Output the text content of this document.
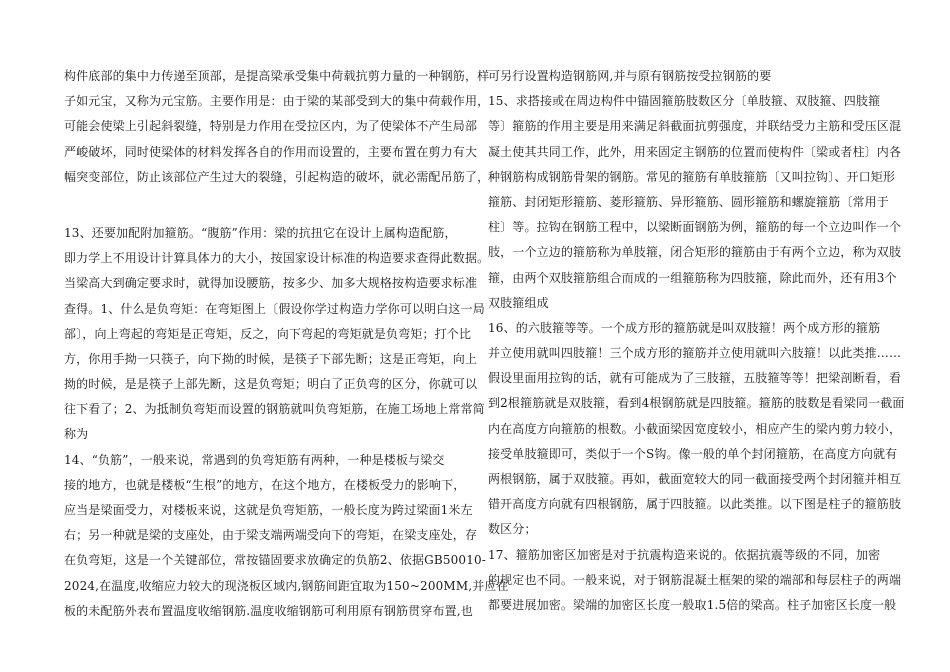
构件底部的集中力传递至顶部，是提高梁承受集中荷载抗剪力量的一种钢筋，样
子如元宝，又称为元宝筋。主要作用是：由于梁的某部受到大的集中荷载作用，
可能会使梁上引起斜裂缝，特别是力作用在受拉区内，为了使梁体不产生局部
严峻破坏，同时使梁体的材料发挥各自的作用而设置的，主要布置在剪力有大
幅突变部位，防止该部位产生过大的裂缝，引起构造的破坏，就必需配吊筋了，
13、还要加配附加箍筋。“腹筋”作用：梁的抗扭它在设计上属构造配筋，
即力学上不用设计计算具体力的大小，按国家设计标准的构造要求查得此数据。
当梁高大到确定要求时，就得加设腰筋，按多少、加多大规格按构造要求标准
查得。1、什么是负弯矩：在弯矩图上〔假设你学过构造力学你可以明白这一局
部〕，向上弯起的弯矩是正弯矩，反之，向下弯起的弯矩就是负弯矩；打个比
方，你用手拗一只筷子，向下拗的时候，是筷子下部先断；这是正弯矩，向上
拗的时候，是是筷子上部先断，这是负弯矩；明白了正负弯的区分，你就可以
往下看了；2、为抵制负弯矩而设置的钢筋就叫负弯矩筋，在施工场地上常常简
称为
14、“负筋”，一般来说，常遇到的负弯矩筋有两种，一种是楼板与梁交
接的地方，也就是楼板“生根”的地方，在这个地方，在楼板受力的影响下，
应当是梁面受力，对楼板来说，这就是负弯矩筋，一般长度为跨过梁面1米左
右；另一种就是梁的支座处，由于梁支端两端受向下的弯矩，在梁支座处，存
在负弯矩，这是一个关键部位，常按锚固要求放确定的负筋2、依据GB50010-
2024,在温度,收缩应力较大的现浇板区域内,钢筋间距宜取为150~200MM,并应在
板的未配筋外表布置温度收缩钢筋.温度收缩钢筋可利用原有钢筋贯穿布置,也
可另行设置构造钢筋网,并与原有钢筋按受拉钢筋的要
15、求搭接或在周边构件中锚固箍筋肢数区分〔单肢箍、双肢箍、四肢箍
等〕箍筋的作用主要是用来满足斜截面抗剪强度，并联结受力主筋和受压区混
凝土使其共同工作，此外，用来固定主钢筋的位置而使构件〔梁或者柱〕内各
种钢筋构成钢筋骨架的钢筋。常见的箍筋有单肢箍筋〔又叫拉钩〕、开口矩形
箍筋、封闭矩形箍筋、菱形箍筋、异形箍筋、圆形箍筋和螺旋箍筋〔常用于
柱〕等。拉钩在钢筋工程中，以梁断面钢筋为例，箍筋的每一个立边叫作一个
肢，一个立边的箍筋称为单肢箍，闭合矩形的箍筋由于有两个立边，称为双肢
箍，由两个双肢箍筋组合而成的一组箍筋称为四肢箍，除此而外，还有用3个
双肢箍组成
16、的六肢箍等等。一个成方形的箍筋就是叫双肢箍！两个成方形的箍筋
并立使用就叫四肢箍！三个成方形的箍筋并立使用就叫六肢箍！以此类推……
假设里面用拉钩的话，就有可能成为了三肢箍，五肢箍等等！把梁剖断看，看
到2根箍筋就是双肢箍，看到4根钢筋就是四肢箍。箍筋的肢数是看梁同一截面
内在高度方向箍筋的根数。小截面梁因宽度较小，相应产生的梁内剪力较小，
接受单肢箍即可，类似于一个S钩。像一般的单个封闭箍筋，在高度方向就有
两根钢筋，属于双肢箍。再如，截面宽较大的同一截面接受两个封闭箍并相互
错开高度方向就有四根钢筋，属于四肢箍。以此类推。以下图是柱子的箍筋肢
数区分；
17、箍筋加密区加密是对于抗震构造来说的。依据抗震等级的不同，加密
的规定也不同。一般来说，对于钢筋混凝土框架的梁的端部和每层柱子的两端
都要进展加密。梁端的加密区长度一般取1.5倍的梁高。柱子加密区长度一般
